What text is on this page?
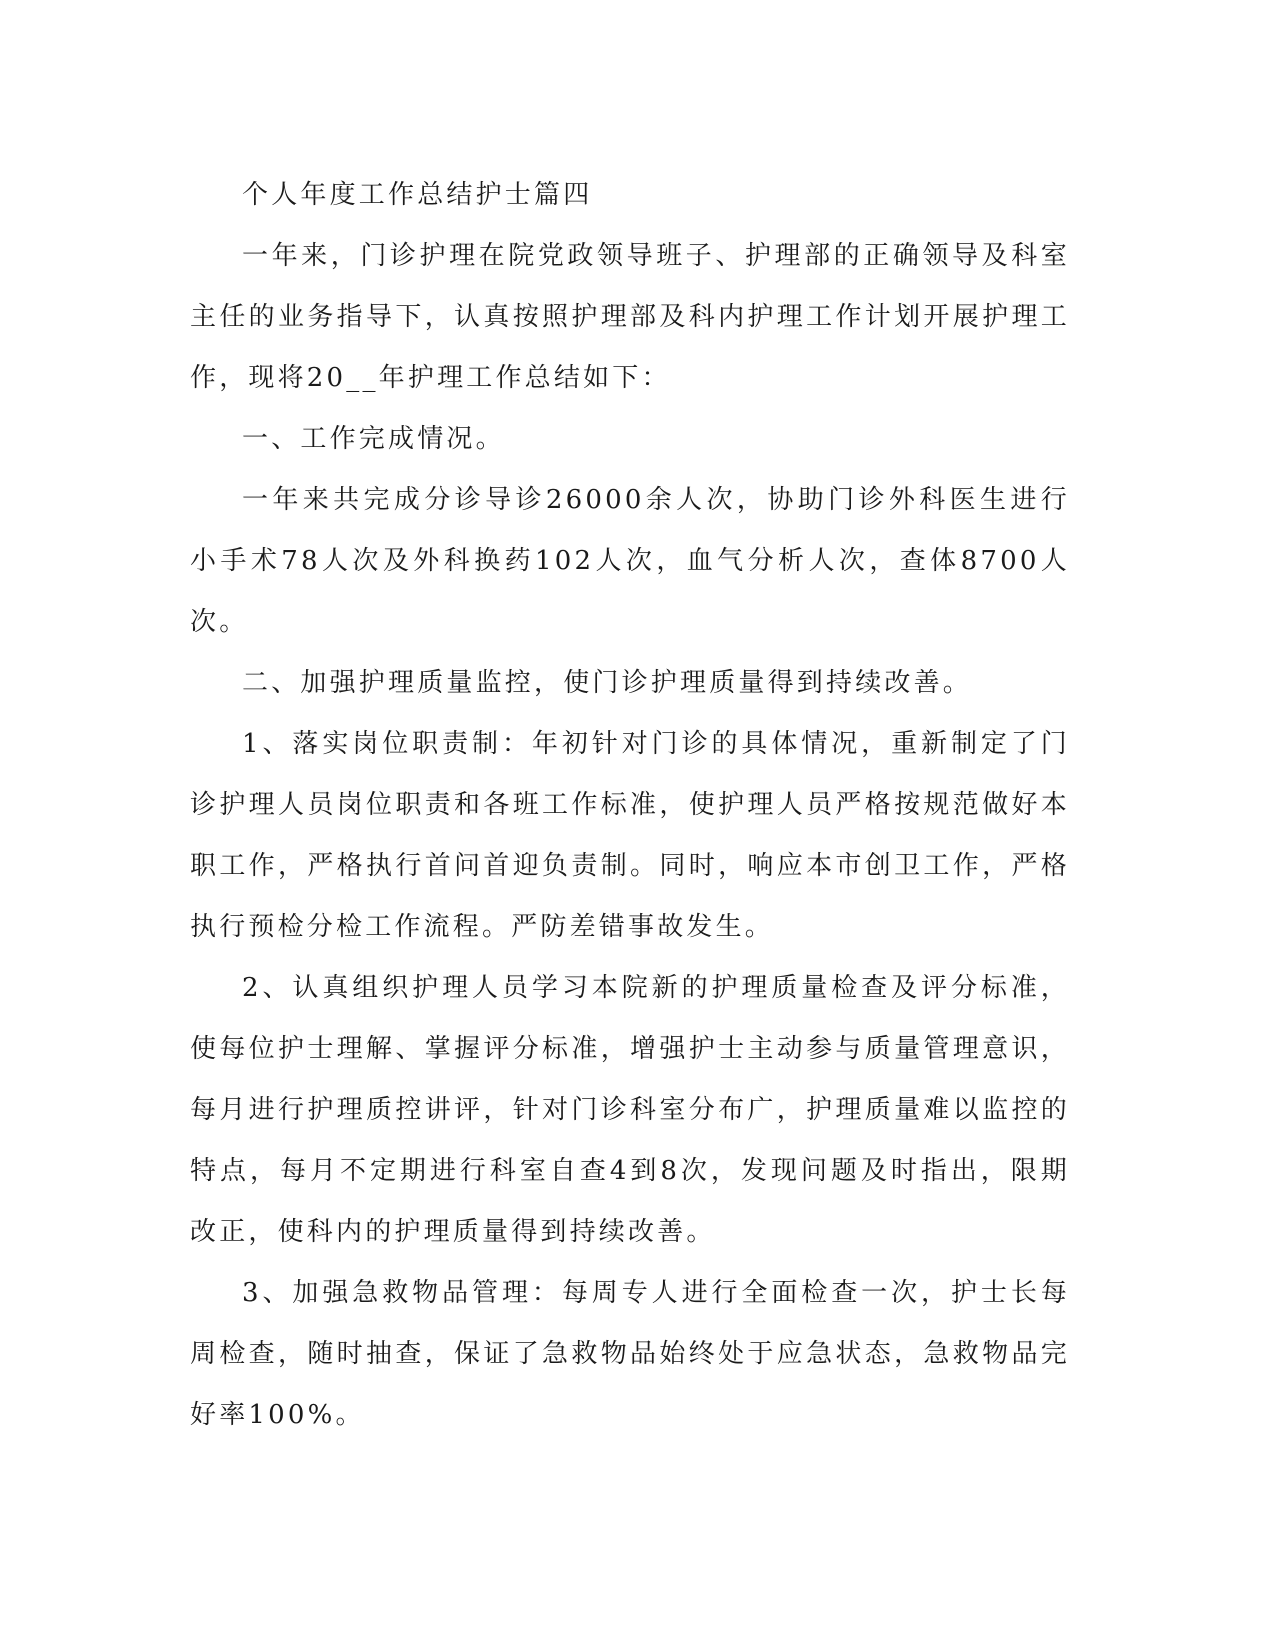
个人年度工作总结护士篇四

一年来，门诊护理在院党政领导班子、护理部的正确领导及科室主任的业务指导下，认真按照护理部及科内护理工作计划开展护理工作，现将20__年护理工作总结如下：

一、工作完成情况。

一年来共完成分诊导诊26000余人次，协助门诊外科医生进行小手术78人次及外科换药102人次，血气分析人次，查体8700人次。

二、加强护理质量监控，使门诊护理质量得到持续改善。

1、落实岗位职责制：年初针对门诊的具体情况，重新制定了门诊护理人员岗位职责和各班工作标准，使护理人员严格按规范做好本职工作，严格执行首问首迎负责制。同时，响应本市创卫工作，严格执行预检分检工作流程。严防差错事故发生。

2、认真组织护理人员学习本院新的护理质量检查及评分标准，使每位护士理解、掌握评分标准，增强护士主动参与质量管理意识，每月进行护理质控讲评，针对门诊科室分布广，护理质量难以监控的特点，每月不定期进行科室自查4到8次，发现问题及时指出，限期改正，使科内的护理质量得到持续改善。

3、加强急救物品管理：每周专人进行全面检查一次，护士长每周检查，随时抽查，保证了急救物品始终处于应急状态，急救物品完好率100%。
